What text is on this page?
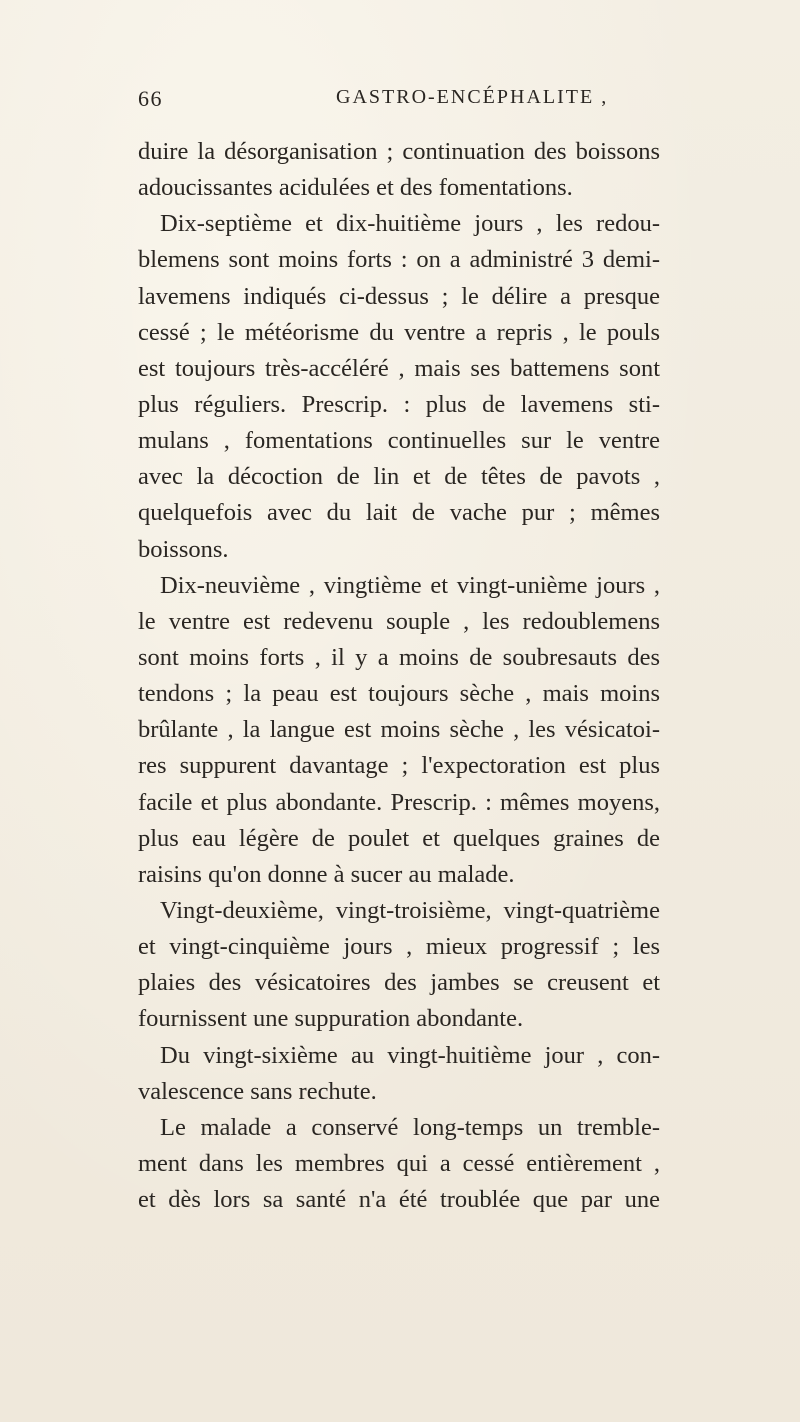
66	GASTRO-ENCÉPHALITE ,
duire la désorganisation ; continuation des boissons
adoucissantes acidulées et des fomentations.
Dix-septième et dix-huitième jours , les redou-
blemens sont moins forts : on a administré 3 demi-
lavemens indiqués ci-dessus ; le délire a presque
cessé ; le météorisme du ventre a repris , le pouls
est toujours très-accéléré , mais ses battemens sont
plus réguliers. Prescrip. : plus de lavemens sti-
mulans , fomentations continuelles sur le ventre
avec la décoction de lin et de têtes de pavots ,
quelquefois avec du lait de vache pur ; mêmes
boissons.
Dix-neuvième , vingtième et vingt-unième jours ,
le ventre est redevenu souple , les redoublemens
sont moins forts , il y a moins de soubresauts des
tendons ; la peau est toujours sèche , mais moins
brûlante , la langue est moins sèche , les vésicatoi-
res suppurent davantage ; l'expectoration est plus
facile et plus abondante. Prescrip. : mêmes moyens,
plus eau légère de poulet et quelques graines de
raisins qu'on donne à sucer au malade.
Vingt-deuxième, vingt-troisième, vingt-quatrième
et vingt-cinquième jours , mieux progressif ; les
plaies des vésicatoires des jambes se creusent et
fournissent une suppuration abondante.
Du vingt-sixième au vingt-huitième jour , con-
valescence sans rechute.
Le malade a conservé long-temps un tremble-
ment dans les membres qui a cessé entièrement ,
et dès lors sa santé n'a été troublée que par une
